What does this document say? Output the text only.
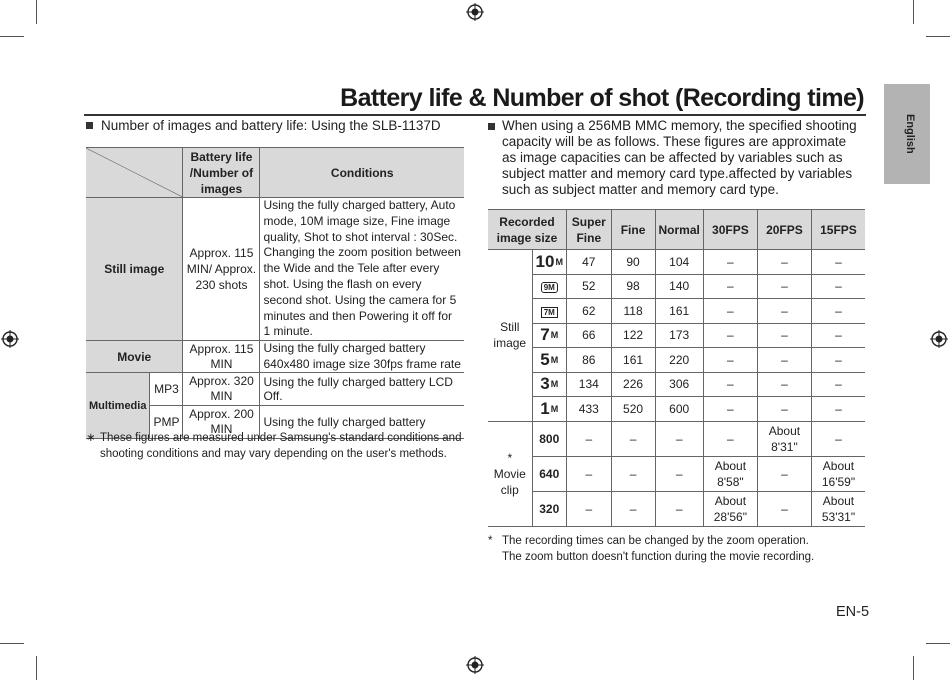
Battery life & Number of shot (Recording time)
English
Number of images and battery life: Using the SLB-1137D
	Battery life /Number of images	Conditions
Still image		Approx. 115 MIN/ Approx. 230 shots	Using the fully charged battery, Auto mode, 10M image size, Fine image quality, Shot to shot interval : 30Sec. Changing the zoom position between the Wide and the Tele after every shot. Using the flash on every second shot. Using the camera for 5 minutes and then Powering it off for 1 minute.
Movie		Approx. 115 MIN	Using the fully charged battery 640x480 image size 30fps frame rate
Multimedia	MP3	Approx. 320 MIN	Using the fully charged battery LCD Off.
	PMP	Approx. 200 MIN	Using the fully charged battery
∗ These figures are measured under Samsung's standard conditions and shooting conditions and may vary depending on the user's methods.
When using a 256MB MMC memory, the specified shooting capacity will be as follows. These figures are approximate as image capacities can be affected by variables such as subject matter and memory card type.affected by variables such as subject matter and memory card type.
Recorded image size		Super Fine	Fine	Normal	30FPS	20FPS	15FPS
Still image	10 M	47	90	104	–	–	–
	9M	52	98	140	–	–	–
	7M	62	118	161	–	–	–

	7 M	66	122	173	–	–	–

	5 M	86	161	220	–	–	–

	3 M	134	226	306	–	–	–

	1 M	433	520	600	–	–	–
* Movie clip	800	–	–	–	–	About 8'31"	–
	640	–	–	–	About 8'58"	–	About 16'59"
	320	–	–	–	About 28'56"	–	About 53'31"
* The recording times can be changed by the zoom operation.
The zoom button doesn't function during the movie recording.
EN-5
